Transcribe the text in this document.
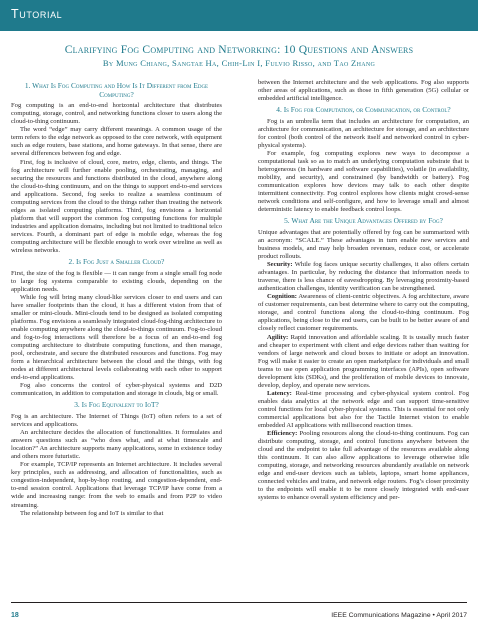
Tutorial
Clarifying Fog Computing and Networking: 10 Questions and Answers
By Mung Chiang, Sangtae Ha, Chih-Lin I, Fulvio Risso, and Tao Zhang
1. What Is Fog Computing and How Is It Different from Edge Computing?

Fog computing is an end-to-end horizontal architecture that distributes computing, storage, control, and networking functions closer to users along the cloud-to-thing continuum.

The word “edge” may carry different meanings. A common usage of the term refers to the edge network as opposed to the core network, with equipment such as edge routers, base stations, and home gateways. In that sense, there are several differences between fog and edge.

First, fog is inclusive of cloud, core, metro, edge, clients, and things. The fog architecture will further enable pooling, orchestrating, managing, and securing the resources and functions distributed in the cloud, anywhere along the cloud-to-thing continuum, and on the things to support end-to-end services and applications. Second, fog seeks to realize a seamless continuum of computing services from the cloud to the things rather than treating the network edges as isolated computing platforms. Third, fog envisions a horizontal platform that will support the common fog computing functions for multiple industries and application domains, including but not limited to traditional telco services. Fourth, a dominant part of edge is mobile edge, whereas the fog computing architecture will be flexible enough to work over wireline as well as wireless networks.

2. Is Fog Just a Smaller Cloud?

First, the size of the fog is flexible — it can range from a single small fog node to large fog systems comparable to existing clouds, depending on the application needs.

While fog will bring many cloud-like services closer to end users and can have smaller footprints than the cloud, it has a different vision from that of smaller or mini-clouds. Mini-clouds tend to be designed as isolated computing platforms. Fog envisions a seamlessly integrated cloud-fog-thing architecture to enable computing anywhere along the cloud-to-things continuum. Fog-to-cloud and fog-to-fog interactions will therefore be a focus of an end-to-end fog computing architecture to distribute computing functions, and then manage, pool, orchestrate, and secure the distributed resources and functions. Fog may form a hierarchical architecture between the cloud and the things, with fog nodes at different architectural levels collaborating with each other to support end-to-end applications.

Fog also concerns the control of cyber-physical systems and D2D communication, in addition to computation and storage in clouds, big or small.

3. Is Fog Equivalent to IoT?

Fog is an architecture. The Internet of Things (IoT) often refers to a set of services and applications.

An architecture decides the allocation of functionalities. It formulates and answers questions such as “who does what, and at what timescale and location?” An architecture supports many applications, some in existence today and others more futuristic.

For example, TCP/IP represents an Internet architecture. It includes several key principles, such as addressing, and allocation of functionalities, such as congestion-independent, hop-by-hop routing, and congestion-dependent, end-to-end session control. Applications that leverage TCP/IP have come from a wide and increasing range: from the web to emails and from P2P to video streaming.

The relationship between fog and IoT is similar to that

between the Internet architecture and the web applications. Fog also supports other areas of applications, such as those in fifth generation (5G) cellular or embedded artificial intelligence.

4. Is Fog for Computation, or Communication, or Control?

Fog is an umbrella term that includes an architecture for computation, an architecture for communication, an architecture for storage, and an architecture for control (both control of the network itself and networked control in cyber-physical systems).

For example, fog computing explores new ways to decompose a computational task so as to match an underlying computation substrate that is heterogeneous (in hardware and software capabilities), volatile (in availability, mobility, and security), and constrained (by bandwidth or battery). Fog communication explores how devices may talk to each other despite intermittent connectivity. Fog control explores how clients might crowd-sense network conditions and self-configure, and how to leverage small and almost deterministic latency to enable feedback control loops.

5. What Are the Unique Advantages Offered by Fog?

Unique advantages that are potentially offered by fog can be summarized with an acronym: “SCALE.” These advantages in turn enable new services and business models, and may help broaden revenues, reduce cost, or accelerate product rollouts.

Security: While fog faces unique security challenges, it also offers certain advantages. In particular, by reducing the distance that information needs to traverse, there is less chance of eavesdropping. By leveraging proximity-based authentication challenges, identity verification can be strengthened.

Cognition: Awareness of client-centric objectives. A fog architecture, aware of customer requirements, can best determine where to carry out the computing, storage, and control functions along the cloud-to-thing continuum. Fog applications, being close to the end users, can be built to be better aware of and closely reflect customer requirements.

Agility: Rapid innovation and affordable scaling. It is usually much faster and cheaper to experiment with client and edge devices rather than waiting for vendors of large network and cloud boxes to initiate or adopt an innovation. Fog will make it easier to create an open marketplace for individuals and small teams to use open application programming interfaces (APIs), open software development kits (SDKs), and the proliferation of mobile devices to innovate, develop, deploy, and operate new services.

Latency: Real-time processing and cyber-physical system control. Fog enables data analytics at the network edge and can support time-sensitive control functions for local cyber-physical systems. This is essential for not only commercial applications but also for the Tactile Internet vision to enable embedded AI applications with millisecond reaction times.

Efficiency: Pooling resources along the cloud-to-thing continuum. Fog can distribute computing, storage, and control functions anywhere between the cloud and the endpoint to take full advantage of the resources available along this continuum. It can also allow applications to leverage otherwise idle computing, storage, and networking resources abundantly available on network edge and end-user devices such as tablets, laptops, smart home appliances, connected vehicles and trains, and network edge routers. Fog’s closer proximity to the endpoints will enable it to be more closely integrated with end-user systems to enhance overall system efficiency and per-

18	IEEE Communications Magazine • April 2017
